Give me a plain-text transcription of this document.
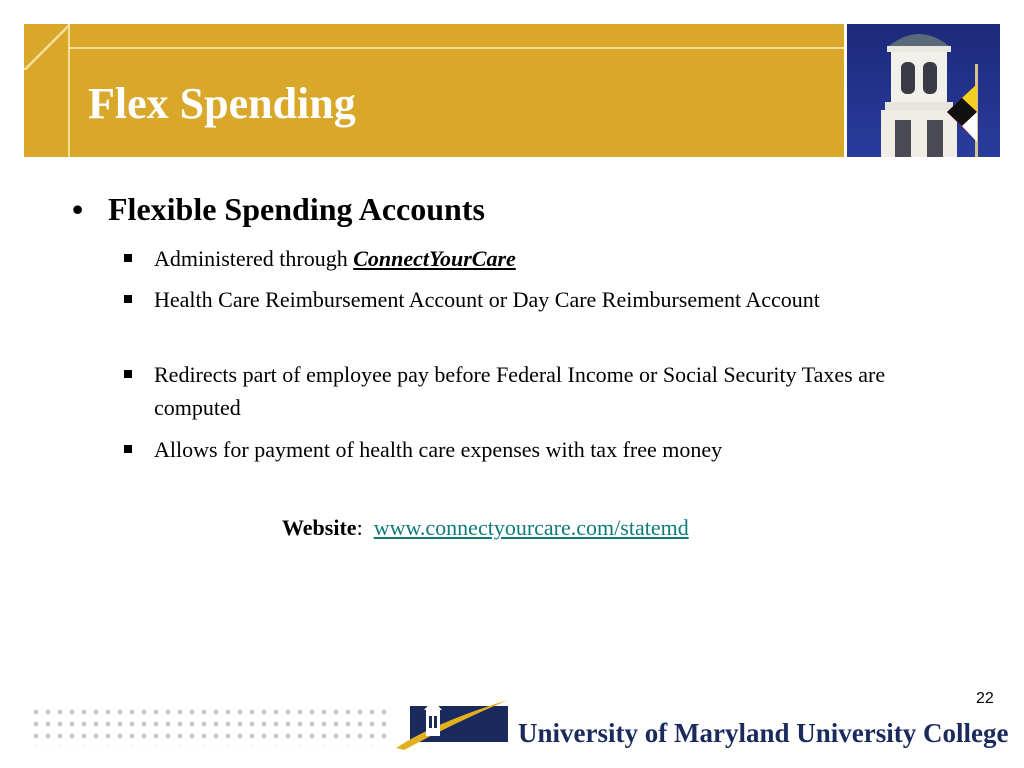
Flex Spending
• Flexible Spending Accounts
Administered through ConnectYourCare
Health Care Reimbursement Account or Day Care Reimbursement Account
Redirects part of employee pay before Federal Income or Social Security Taxes are computed
Allows for payment of health care expenses with tax free money
Website: www.connectyourcare.com/statemd
22
University of Maryland University College
